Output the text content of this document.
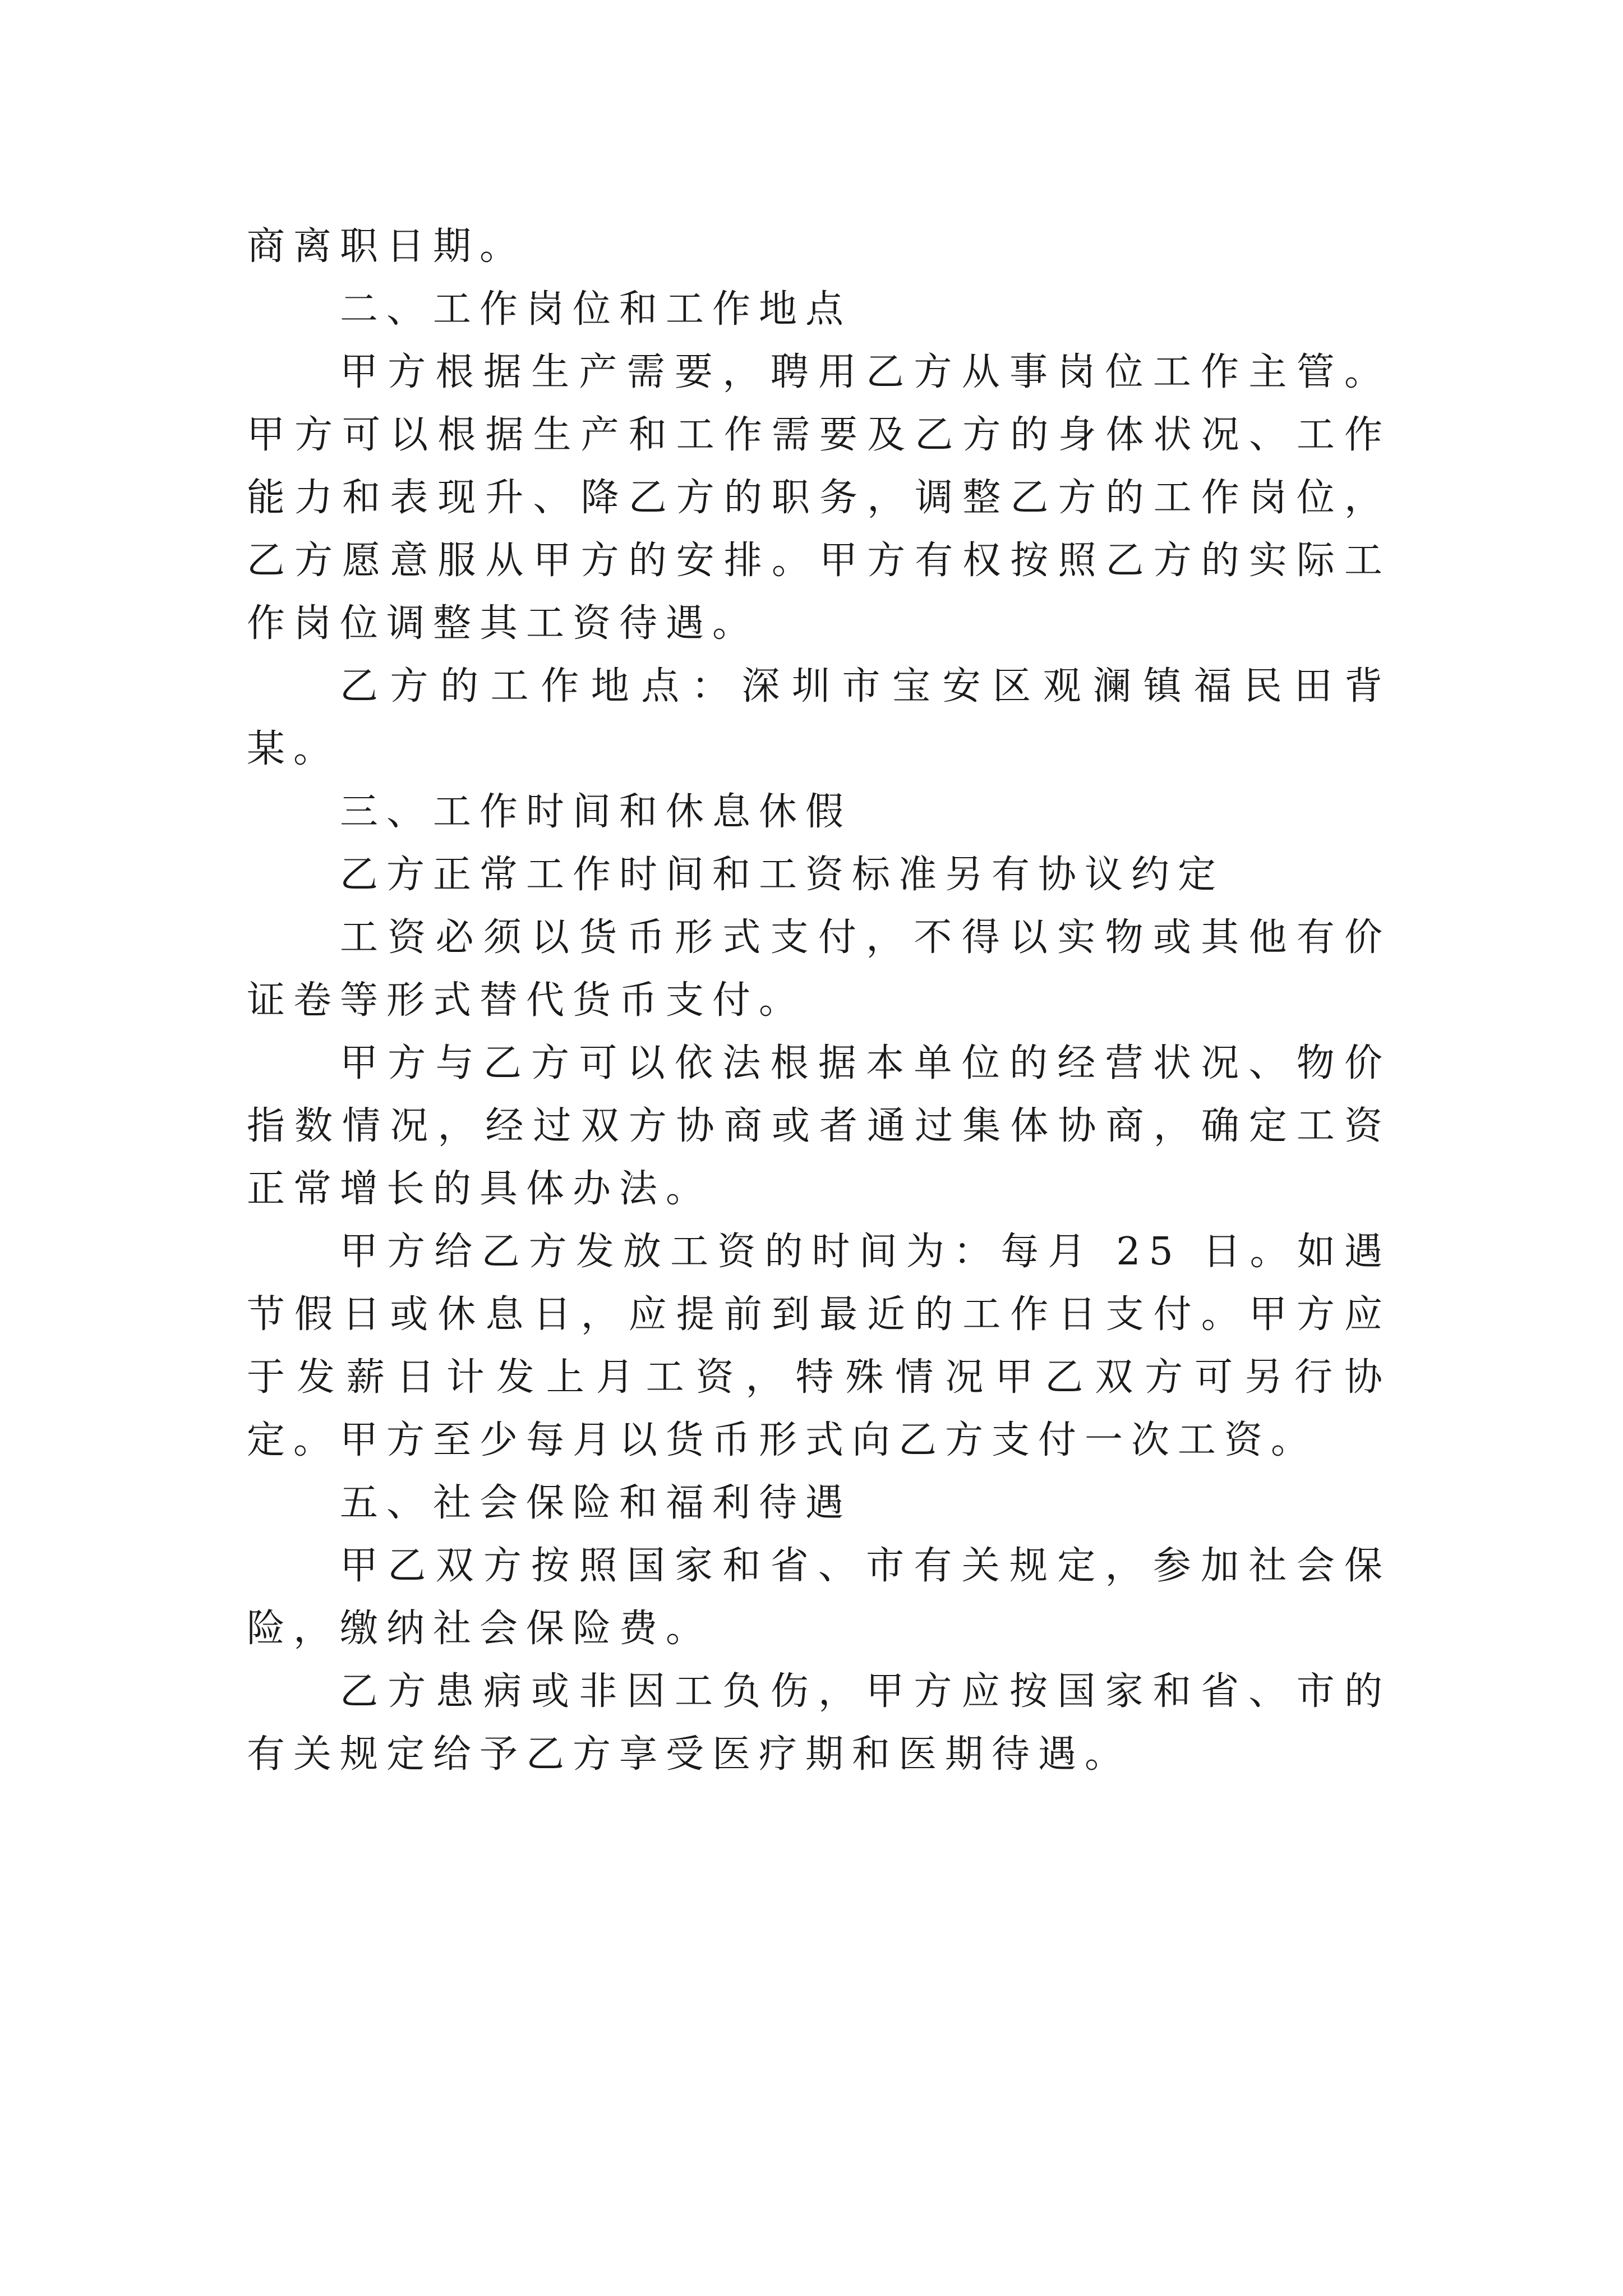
商离职日期。

二、工作岗位和工作地点

甲方根据生产需要，聘用乙方从事岗位工作主管。甲方可以根据生产和工作需要及乙方的身体状况、工作能力和表现升、降乙方的职务，调整乙方的工作岗位，乙方愿意服从甲方的安排。甲方有权按照乙方的实际工作岗位调整其工资待遇。

乙方的工作地点：深圳市宝安区观澜镇福民田背某。

三、工作时间和休息休假

乙方正常工作时间和工资标准另有协议约定

工资必须以货币形式支付，不得以实物或其他有价证卷等形式替代货币支付。

甲方与乙方可以依法根据本单位的经营状况、物价指数情况，经过双方协商或者通过集体协商，确定工资正常增长的具体办法。

甲方给乙方发放工资的时间为：每月 25 日。如遇节假日或休息日，应提前到最近的工作日支付。甲方应于发薪日计发上月工资，特殊情况甲乙双方可另行协定。甲方至少每月以货币形式向乙方支付一次工资。

五、社会保险和福利待遇

甲乙双方按照国家和省、市有关规定，参加社会保险，缴纳社会保险费。

乙方患病或非因工负伤，甲方应按国家和省、市的有关规定给予乙方享受医疗期和医期待遇。
